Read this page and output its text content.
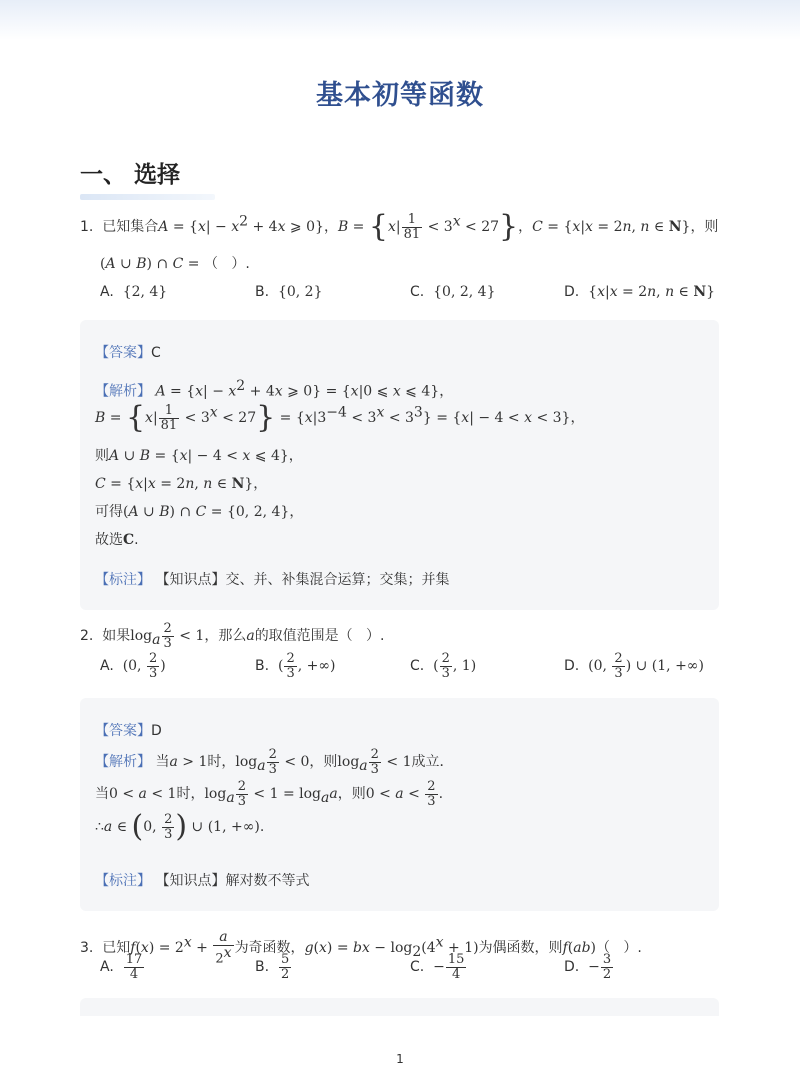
基本初等函数
一、 选择
1. 已知集合$A = \{x| - x^2 + 4x$ ⩾ 0}，$B = \{x| \frac{1}{81} < 3^x < 27\}$，C = {x|x = 2n, n ∈ N}，则
(A ∪ B) ∩ C = （   ）.
A. {2, 4}	B. {0, 2}	C. {0, 2, 4}	D. {x|x = 2n, n ∈ N}
【答案】C
【解析】 $A = \{x| - x^2 + 4x$ ⩾ 0} = {x|0 ⩽ x ⩽ 4}，
$B = \{x| \frac{1}{81} < 3^x < 27\} = \{x|3^{-4} < 3^x < 3^3\} = \{x| - 4 < x < 3\}$，
则A ∪ B = {x| − 4 < x ⩽ 4}，
C = {x|x = 2n, n ∈ N}，
可得(A ∪ B) ∩ C = {0, 2, 4}，
故选C.
【标注】 【知识点】交、并、补集混合运算；交集；并集
2. 如果$\log_a \frac{2}{3} < 1$，那么a的取值范围是（   ）.
A. (0, $\frac{2}{3}$ )	B. ( $\frac{2}{3}$ , +∞)	C. ( $\frac{2}{3}$ , 1)	D. (0, $\frac{2}{3}$ ) ∪ (1, +∞)
【答案】D
【解析】 当a > 1时，$\log_a \frac{2}{3} < 0$，则$\log_a \frac{2}{3} < 1$成立．
当0 < a < 1时，$\log_a \frac{2}{3} < 1 = \log_aa$，则$0 < a < \frac{2}{3}$ .
∴a ∈ (0, $\frac{2}{3}$ ) ∪ (1, +∞).
【标注】 【知识点】解对数不等式
3. 已知$f(x) = 2^x + \frac{a}{2^x}$ 为奇函数，g(x) = bx − $\log_2(4^x + 1)$为偶函数，则f(ab)（   ）.
A. $\frac{17}{4}$	B. $\frac{5}{2}$	C. − $\frac{15}{4}$	D. − $\frac{3}{2}$
1
